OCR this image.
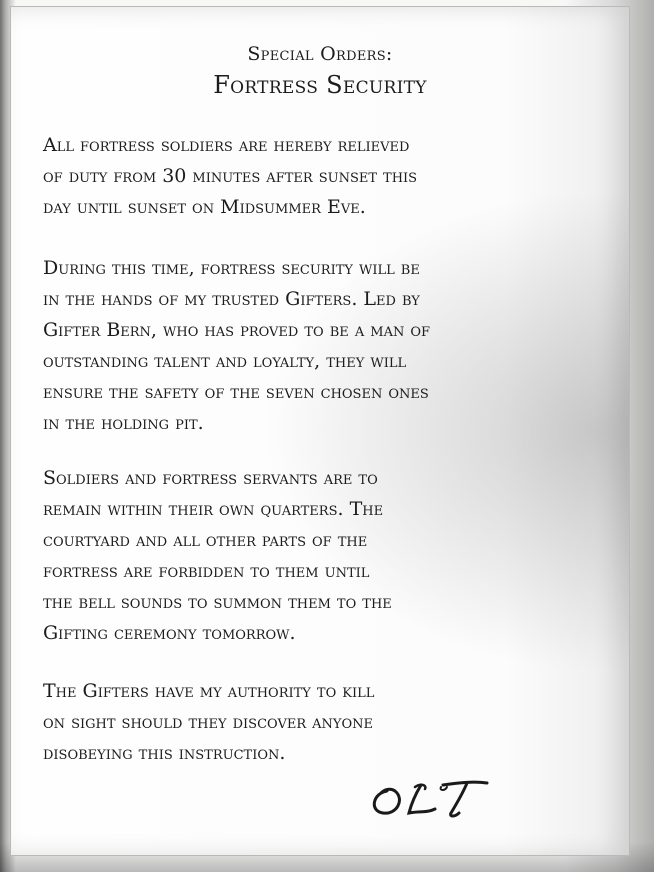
Special Orders:
Fortress Security

All fortress soldiers are hereby relieved
of duty from 30 minutes after sunset this
day until sunset on Midsummer Eve.

During this time, fortress security will be
in the hands of my trusted Gifters. Led by
Gifter Bern, who has proved to be a man of
outstanding talent and loyalty, they will
ensure the safety of the seven chosen ones
in the holding pit.

Soldiers and fortress servants are to
remain within their own quarters. The
courtyard and all other parts of the
fortress are forbidden to them until
the bell sounds to summon them to the
Gifting ceremony tomorrow.

The Gifters have my authority to kill
on sight should they discover anyone
disobeying this instruction.
